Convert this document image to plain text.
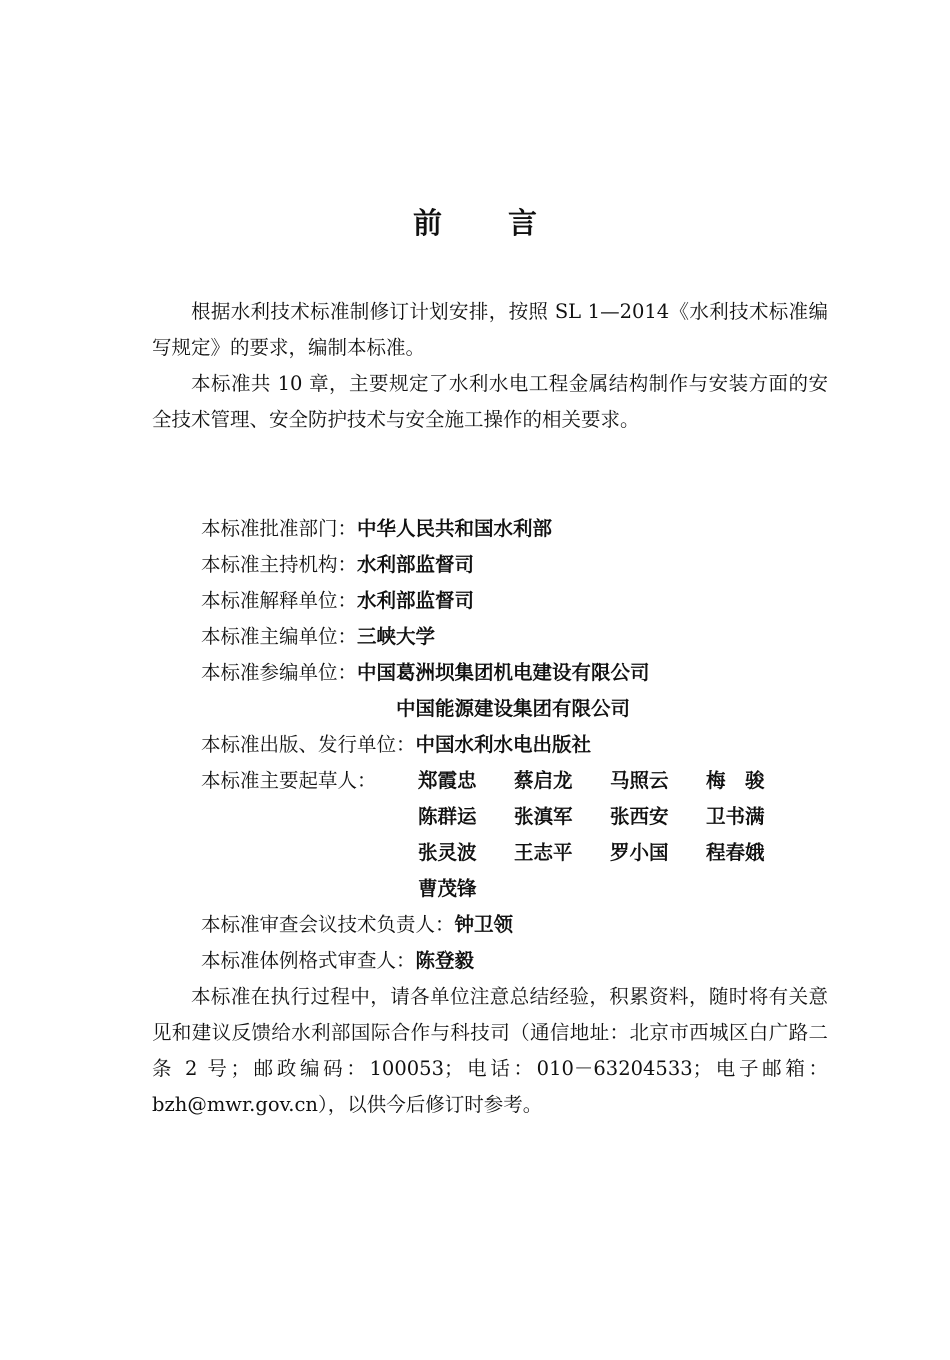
前 言

根据水利技术标准制修订计划安排，按照 SL 1—2014《水利技术标准编写规定》的要求，编制本标准。

本标准共 10 章，主要规定了水利水电工程金属结构制作与安装方面的安全技术管理、安全防护技术与安全施工操作的相关要求。

本标准批准部门：中华人民共和国水利部
本标准主持机构：水利部监督司
本标准解释单位：水利部监督司
本标准主编单位：三峡大学
本标准参编单位：中国葛洲坝集团机电建设有限公司
中国能源建设集团有限公司
本标准出版、发行单位：中国水利水电出版社
本标准主要起草人： 郑霞忠 蔡启龙 马照云 梅　骏
陈群运 张滇军 张西安 卫书满
张灵波 王志平 罗小国 程春娥
曹茂锋
本标准审查会议技术负责人：钟卫领
本标准体例格式审查人：陈登毅

本标准在执行过程中，请各单位注意总结经验，积累资料，随时将有关意见和建议反馈给水利部国际合作与科技司（通信地址：北京市西城区白广路二条 2 号；邮政编码：100053；电话：010－63204533；电子邮箱：bzh@mwr.gov.cn），以供今后修订时参考。
